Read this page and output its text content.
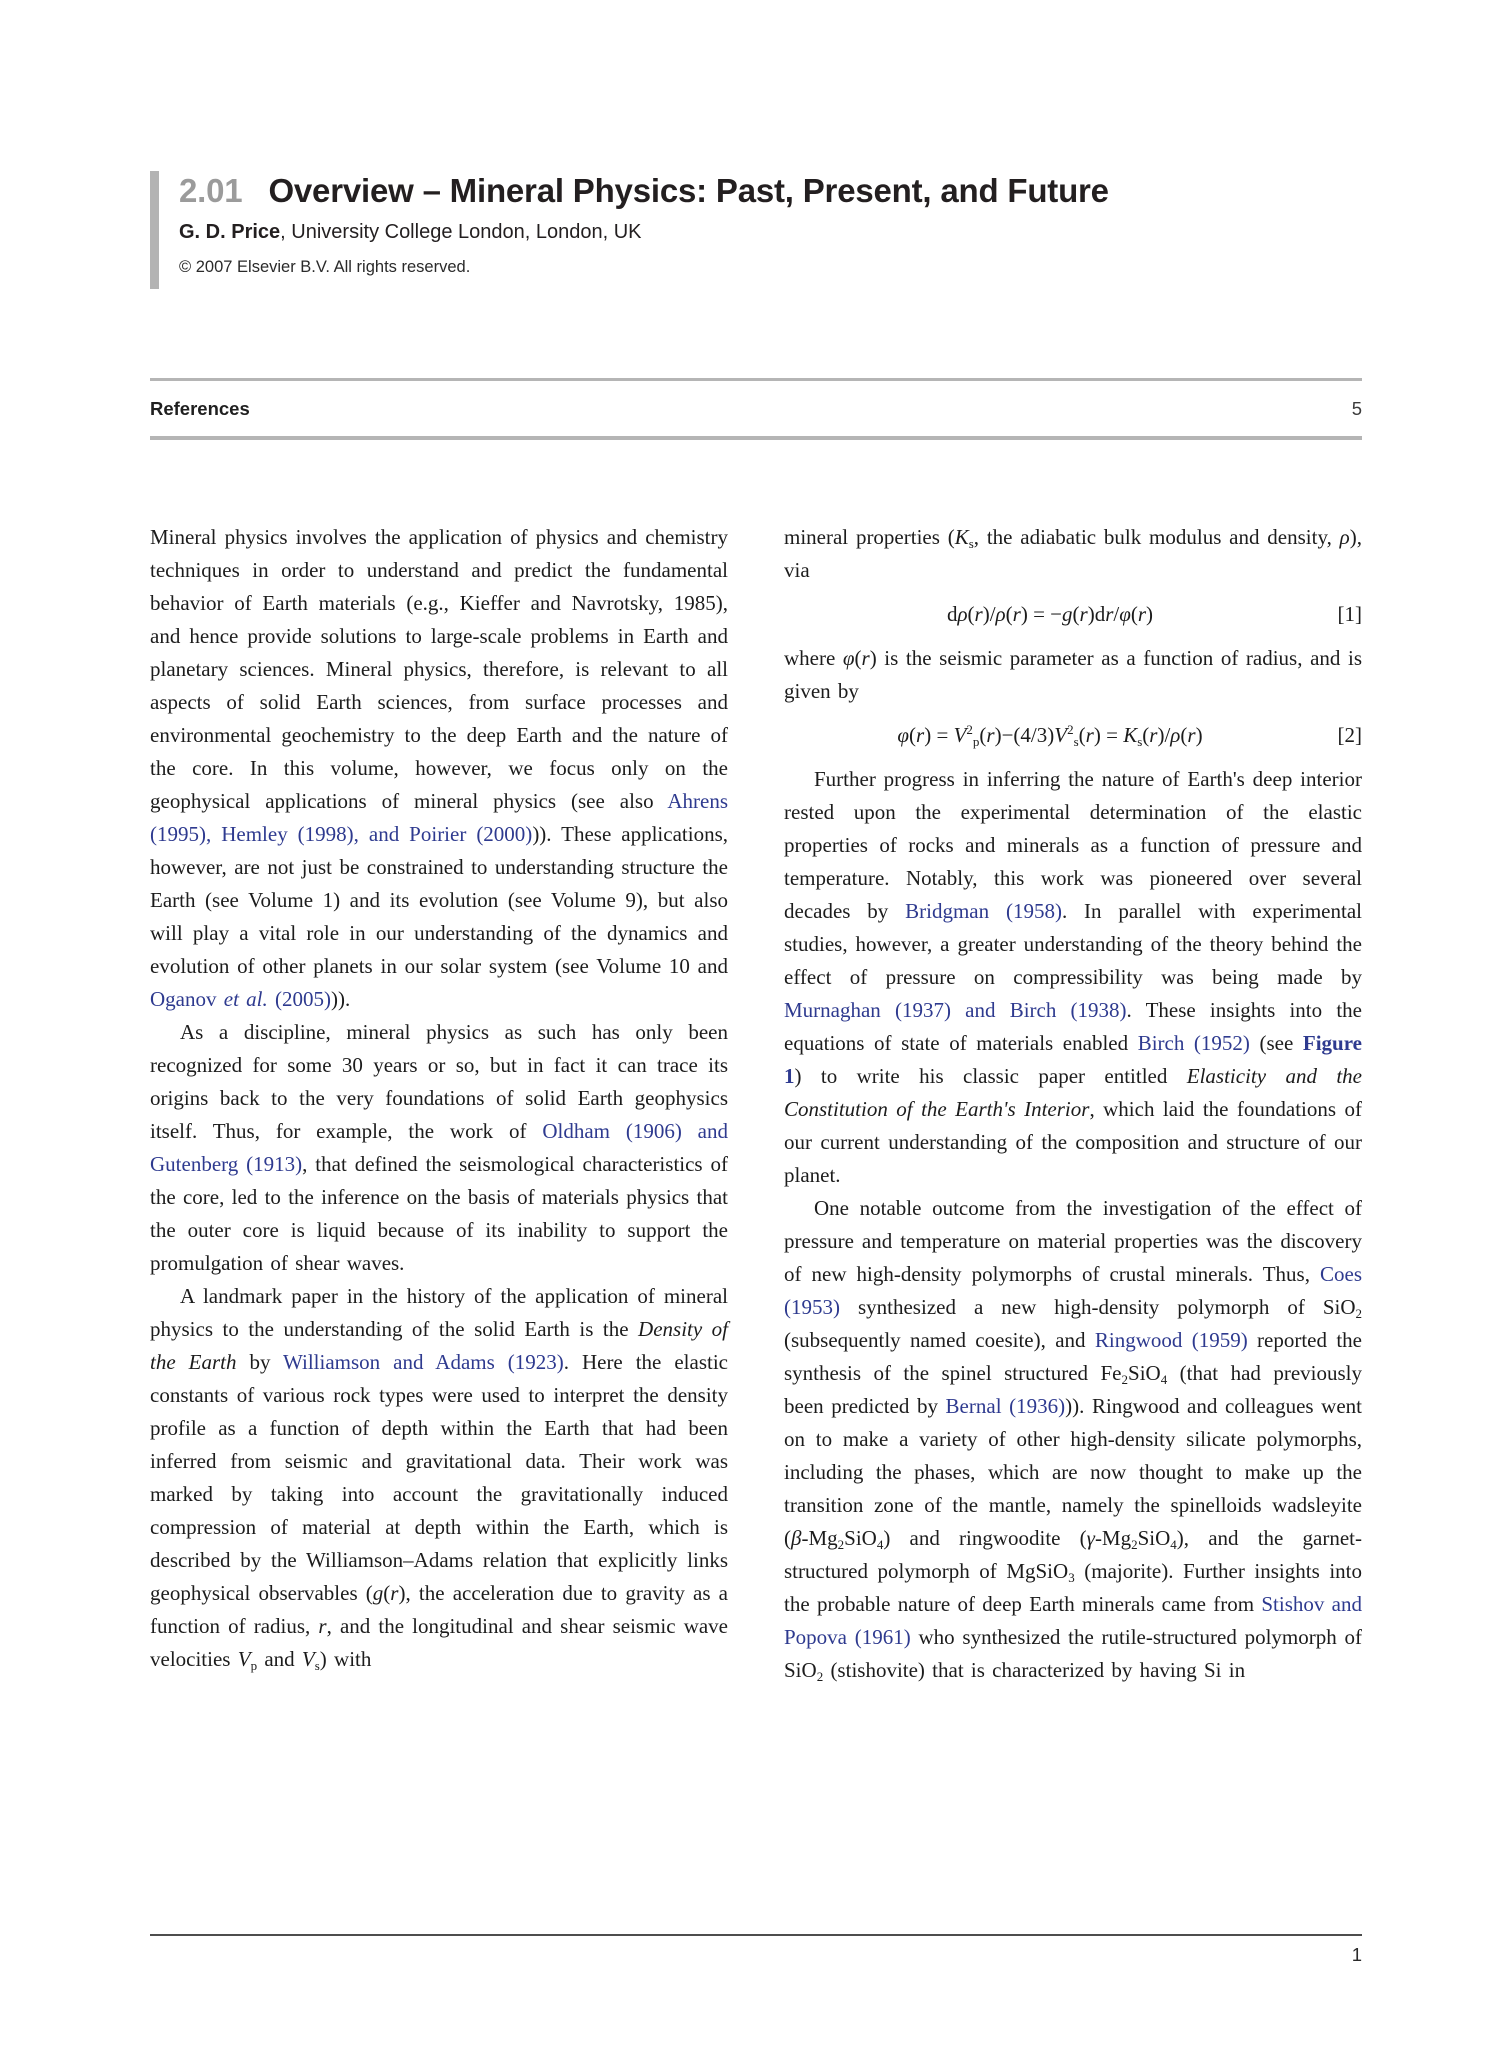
2.01 Overview – Mineral Physics: Past, Present, and Future

G. D. Price, University College London, London, UK

© 2007 Elsevier B.V. All rights reserved.

References	5

Mineral physics involves the application of physics and chemistry techniques in order to understand and predict the fundamental behavior of Earth materials (e.g., Kieffer and Navrotsky, 1985), and hence provide solutions to large-scale problems in Earth and planetary sciences. Mineral physics, therefore, is relevant to all aspects of solid Earth sciences, from surface processes and environmental geochemistry to the deep Earth and the nature of the core. In this volume, however, we focus only on the geophysical applications of mineral physics (see also Ahrens (1995), Hemley (1998), and Poirier (2000))). These applications, however, are not just be constrained to understanding structure the Earth (see Volume 1) and its evolution (see Volume 9), but also will play a vital role in our understanding of the dynamics and evolution of other planets in our solar system (see Volume 10 and Oganov et al. (2005))).

As a discipline, mineral physics as such has only been recognized for some 30 years or so, but in fact it can trace its origins back to the very foundations of solid Earth geophysics itself. Thus, for example, the work of Oldham (1906) and Gutenberg (1913), that defined the seismological characteristics of the core, led to the inference on the basis of materials physics that the outer core is liquid because of its inability to support the promulgation of shear waves.

A landmark paper in the history of the application of mineral physics to the understanding of the solid Earth is the Density of the Earth by Williamson and Adams (1923). Here the elastic constants of various rock types were used to interpret the density profile as a function of depth within the Earth that had been inferred from seismic and gravitational data. Their work was marked by taking into account the gravitationally induced compression of material at depth within the Earth, which is described by the Williamson–Adams relation that explicitly links geophysical observables (g(r), the acceleration due to gravity as a function of radius, r, and the longitudinal and shear seismic wave velocities Vp and Vs) with

mineral properties (Ks, the adiabatic bulk modulus and density, ρ), via

dρ(r)/ρ(r) = −g(r)dr/φ(r)	[1]

where φ(r) is the seismic parameter as a function of radius, and is given by

$\varphi(r) = V^2p(r)-(4/3)V^2s(r) = Ks(r)/\rho(r)$	[2]

Further progress in inferring the nature of Earth's deep interior rested upon the experimental determination of the elastic properties of rocks and minerals as a function of pressure and temperature. Notably, this work was pioneered over several decades by Bridgman (1958). In parallel with experimental studies, however, a greater understanding of the theory behind the effect of pressure on compressibility was being made by Murnaghan (1937) and Birch (1938). These insights into the equations of state of materials enabled Birch (1952) (see Figure 1) to write his classic paper entitled Elasticity and the Constitution of the Earth's Interior, which laid the foundations of our current understanding of the composition and structure of our planet.

One notable outcome from the investigation of the effect of pressure and temperature on material properties was the discovery of new high-density polymorphs of crustal minerals. Thus, Coes (1953) synthesized a new high-density polymorph of SiO2 (subsequently named coesite), and Ringwood (1959) reported the synthesis of the spinel structured Fe2SiO4 (that had previously been predicted by Bernal (1936))). Ringwood and colleagues went on to make a variety of other high-density silicate polymorphs, including the phases, which are now thought to make up the transition zone of the mantle, namely the spinelloids wadsleyite (β-Mg2SiO4) and ringwoodite (γ-Mg2SiO4), and the garnet-structured polymorph of MgSiO3 (majorite). Further insights into the probable nature of deep Earth minerals came from Stishov and Popova (1961) who synthesized the rutile-structured polymorph of SiO2 (stishovite) that is characterized by having Si in

1
